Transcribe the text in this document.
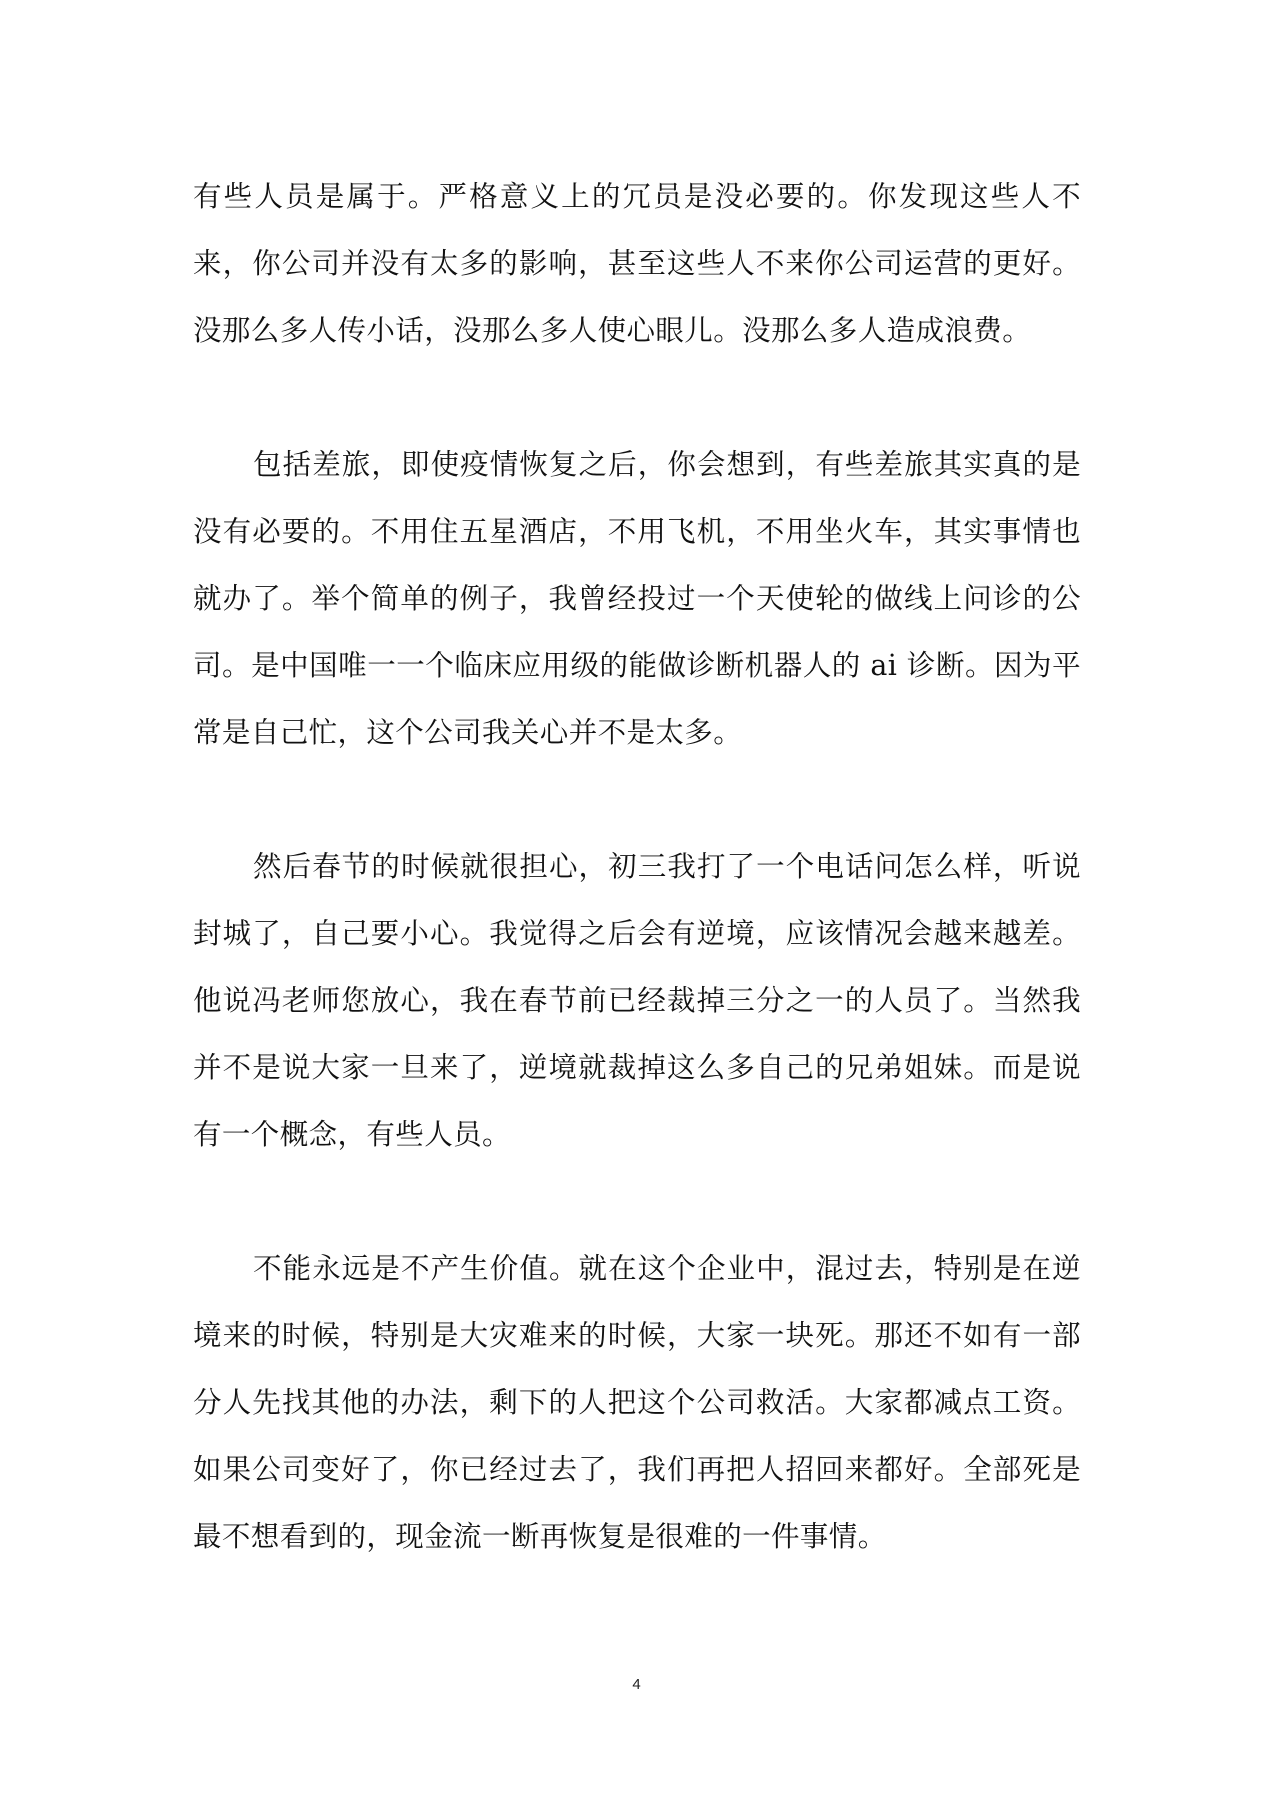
有些人员是属于。严格意义上的冗员是没必要的。你发现这些人不来，你公司并没有太多的影响，甚至这些人不来你公司运营的更好。没那么多人传小话，没那么多人使心眼儿。没那么多人造成浪费。

包括差旅，即使疫情恢复之后，你会想到，有些差旅其实真的是没有必要的。不用住五星酒店，不用飞机，不用坐火车，其实事情也就办了。举个简单的例子，我曾经投过一个天使轮的做线上问诊的公司。是中国唯一一个临床应用级的能做诊断机器人的 ai 诊断。因为平常是自己忙，这个公司我关心并不是太多。

然后春节的时候就很担心，初三我打了一个电话问怎么样，听说封城了，自己要小心。我觉得之后会有逆境，应该情况会越来越差。他说冯老师您放心，我在春节前已经裁掉三分之一的人员了。当然我并不是说大家一旦来了，逆境就裁掉这么多自己的兄弟姐妹。而是说有一个概念，有些人员。

不能永远是不产生价值。就在这个企业中，混过去，特别是在逆境来的时候，特别是大灾难来的时候，大家一块死。那还不如有一部分人先找其他的办法，剩下的人把这个公司救活。大家都减点工资。如果公司变好了，你已经过去了，我们再把人招回来都好。全部死是最不想看到的，现金流一断再恢复是很难的一件事情。

4
